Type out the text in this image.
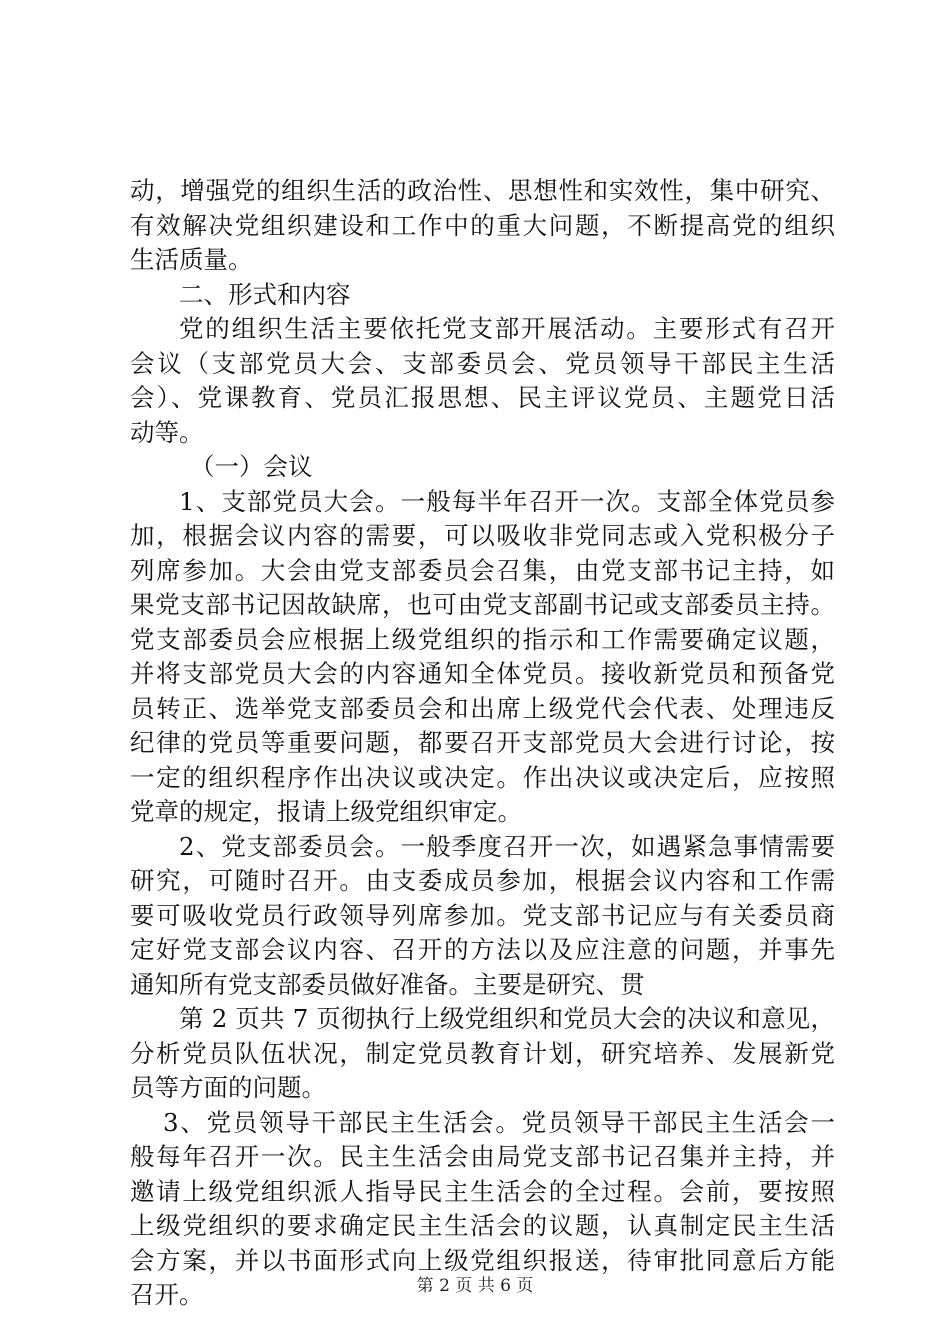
动，增强党的组织生活的政治性、思想性和实效性，集中研究、
有效解决党组织建设和工作中的重大问题，不断提高党的组织
生活质量。
二、形式和内容
党的组织生活主要依托党支部开展活动。主要形式有召开
会议（支部党员大会、支部委员会、党员领导干部民主生活
会）、党课教育、党员汇报思想、民主评议党员、主题党日活
动等。
（一）会议
1、支部党员大会。一般每半年召开一次。支部全体党员参
加，根据会议内容的需要，可以吸收非党同志或入党积极分子
列席参加。大会由党支部委员会召集，由党支部书记主持，如
果党支部书记因故缺席，也可由党支部副书记或支部委员主持。
党支部委员会应根据上级党组织的指示和工作需要确定议题，
并将支部党员大会的内容通知全体党员。接收新党员和预备党
员转正、选举党支部委员会和出席上级党代会代表、处理违反
纪律的党员等重要问题，都要召开支部党员大会进行讨论，按
一定的组织程序作出决议或决定。作出决议或决定后，应按照
党章的规定，报请上级党组织审定。
2、党支部委员会。一般季度召开一次，如遇紧急事情需要
研究，可随时召开。由支委成员参加，根据会议内容和工作需
要可吸收党员行政领导列席参加。党支部书记应与有关委员商
定好党支部会议内容、召开的方法以及应注意的问题，并事先
通知所有党支部委员做好准备。主要是研究、贯
第 2 页共 7 页彻执行上级党组织和党员大会的决议和意见，
分析党员队伍状况，制定党员教育计划，研究培养、发展新党
员等方面的问题。
3、党员领导干部民主生活会。党员领导干部民主生活会一
般每年召开一次。民主生活会由局党支部书记召集并主持，并
邀请上级党组织派人指导民主生活会的全过程。会前，要按照
上级党组织的要求确定民主生活会的议题，认真制定民主生活
会方案，并以书面形式向上级党组织报送，待审批同意后方能
召开。	第 2 页 共 6 页
